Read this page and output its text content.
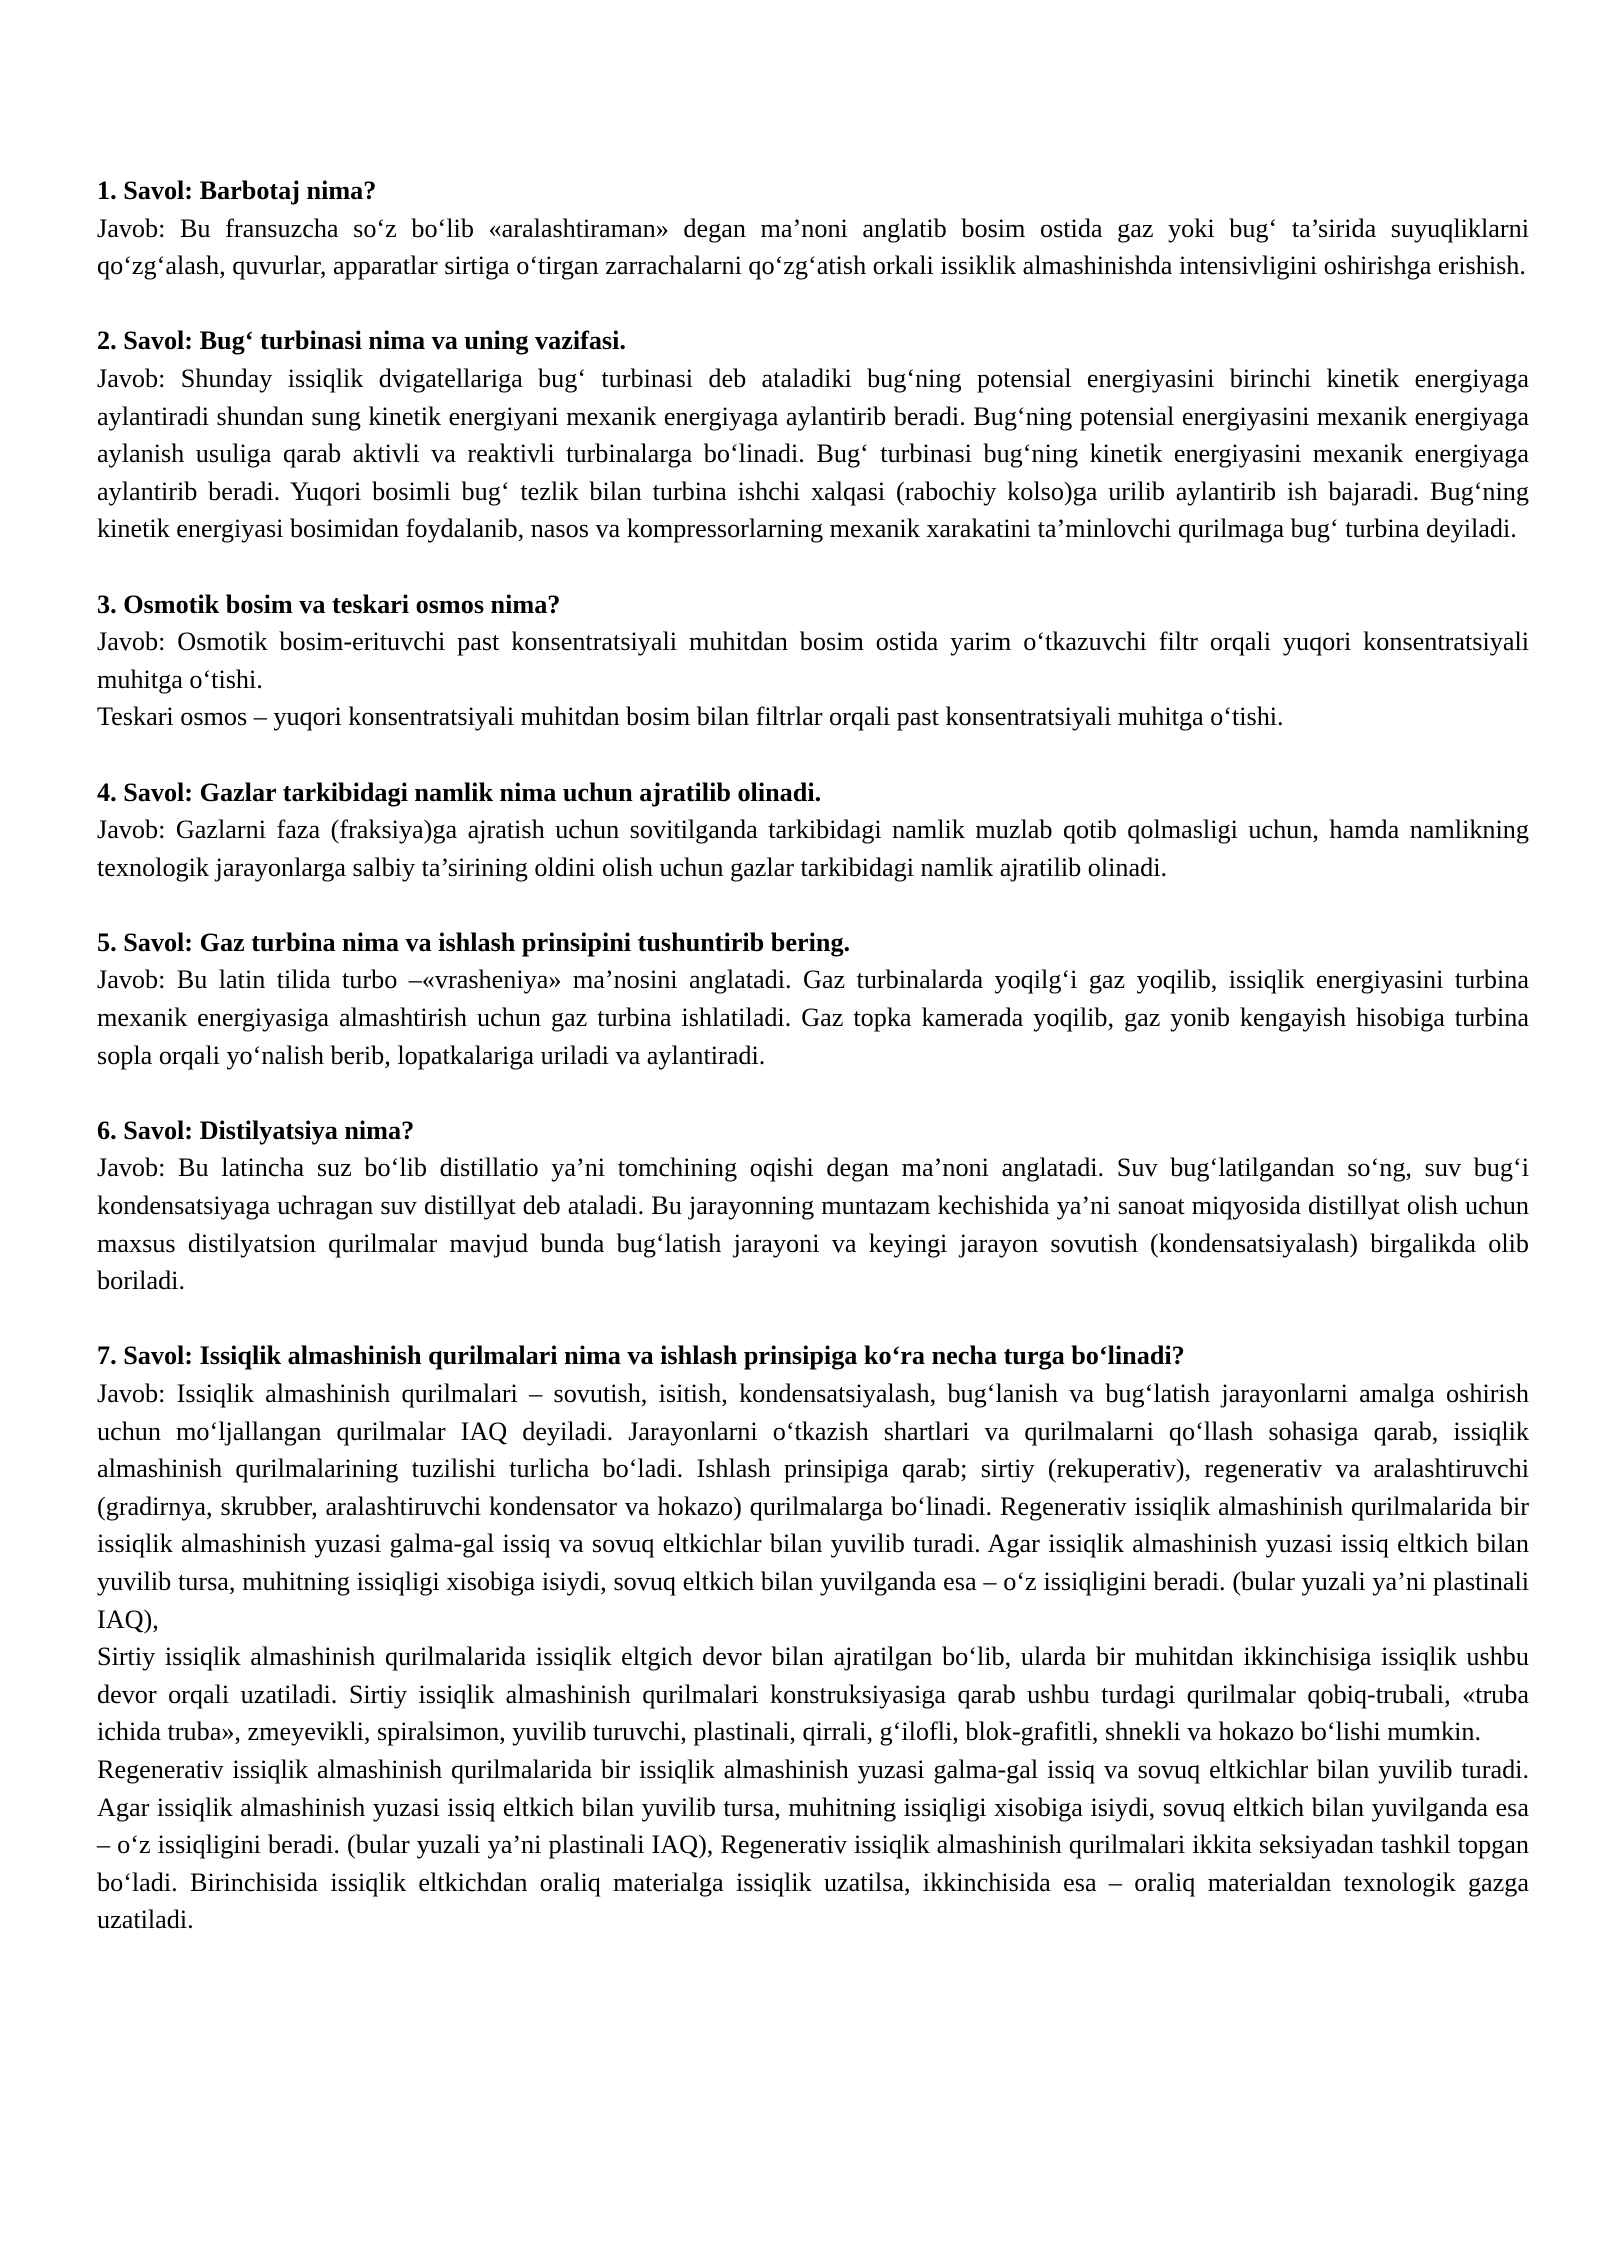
1. Savol: Barbotaj nima?

Javob: Bu fransuzcha so‘z bo‘lib «aralashtiraman» degan ma’noni anglatib bosim ostida gaz yoki bug‘ ta’sirida suyuqliklarni qo‘zg‘alash, quvurlar, apparatlar sirtiga o‘tirgan zarrachalarni qo‘zg‘atish orkali issiklik almashinishda intensivligini oshirishga erishish.

2. Savol: Bug‘ turbinasi nima va uning vazifasi.

Javob: Shunday issiqlik dvigatellariga bug‘ turbinasi deb ataladiki bug‘ning potensial energiyasini birinchi kinetik energiyaga aylantiradi shundan sung kinetik energiyani mexanik energiyaga aylantirib beradi. Bug‘ning potensial energiyasini mexanik energiyaga aylanish usuliga qarab aktivli va reaktivli turbinalarga bo‘linadi. Bug‘ turbinasi bug‘ning kinetik energiyasini mexanik energiyaga aylantirib beradi. Yuqori bosimli bug‘ tezlik bilan turbina ishchi xalqasi (rabochiy kolso)ga urilib aylantirib ish bajaradi. Bug‘ning kinetik energiyasi bosimidan foydalanib, nasos va kompressorlarning mexanik xarakatini ta’minlovchi qurilmaga bug‘ turbina deyiladi.

3. Osmotik bosim va teskari osmos nima?

Javob: Osmotik bosim-erituvchi past konsentratsiyali muhitdan bosim ostida yarim o‘tkazuvchi filtr orqali yuqori konsentratsiyali muhitga o‘tishi.

Teskari osmos – yuqori konsentratsiyali muhitdan bosim bilan filtrlar orqali past konsentratsiyali muhitga o‘tishi.

4. Savol: Gazlar tarkibidagi namlik nima uchun ajratilib olinadi.

Javob: Gazlarni faza (fraksiya)ga ajratish uchun sovitilganda tarkibidagi namlik muzlab qotib qolmasligi uchun, hamda namlikning texnologik jarayonlarga salbiy ta’sirining oldini olish uchun gazlar tarkibidagi namlik ajratilib olinadi.

5. Savol: Gaz turbina nima va ishlash prinsipini tushuntirib bering.

Javob: Bu latin tilida turbo –«vrasheniya» ma’nosini anglatadi. Gaz turbinalarda yoqilg‘i gaz yoqilib, issiqlik energiyasini turbina mexanik energiyasiga almashtirish uchun gaz turbina ishlatiladi. Gaz topka kamerada yoqilib, gaz yonib kengayish hisobiga turbina sopla orqali yo‘nalish berib, lopatkalariga uriladi va aylantiradi.

6. Savol: Distilyatsiya nima?

Javob: Bu latincha suz bo‘lib distillatio ya’ni tomchining oqishi degan ma’noni anglatadi. Suv bug‘latilgandan so‘ng, suv bug‘i kondensatsiyaga uchragan suv distillyat deb ataladi. Bu jarayonning muntazam kechishida ya’ni sanoat miqyosida distillyat olish uchun maxsus distilyatsion qurilmalar mavjud bunda bug‘latish jarayoni va keyingi jarayon sovutish (kondensatsiyalash) birgalikda olib boriladi.

7. Savol: Issiqlik almashinish qurilmalari nima va ishlash prinsipiga ko‘ra necha turga bo‘linadi?

Javob: Issiqlik almashinish qurilmalari – sovutish, isitish, kondensatsiyalash, bug‘lanish va bug‘latish jarayonlarni amalga oshirish uchun mo‘ljallangan qurilmalar IAQ deyiladi. Jarayonlarni o‘tkazish shartlari va qurilmalarni qo‘llash sohasiga qarab, issiqlik almashinish qurilmalarining tuzilishi turlicha bo‘ladi. Ishlash prinsipiga qarab; sirtiy (rekuperativ), regenerativ va aralashtiruvchi (gradirnya, skrubber, aralashtiruvchi kondensator va hokazo) qurilmalarga bo‘linadi. Regenerativ issiqlik almashinish qurilmalarida bir issiqlik almashinish yuzasi galma-gal issiq va sovuq eltkichlar bilan yuvilib turadi. Agar issiqlik almashinish yuzasi issiq eltkich bilan yuvilib tursa, muhitning issiqligi xisobiga isiydi, sovuq eltkich bilan yuvilganda esa – o‘z issiqligini beradi. (bular yuzali ya’ni plastinali IAQ),

Sirtiy issiqlik almashinish qurilmalarida issiqlik eltgich devor bilan ajratilgan bo‘lib, ularda bir muhitdan ikkinchisiga issiqlik ushbu devor orqali uzatiladi. Sirtiy issiqlik almashinish qurilmalari konstruksiyasiga qarab ushbu turdagi qurilmalar qobiq-trubali, «truba ichida truba», zmeyevikli, spiralsimon, yuvilib turuvchi, plastinali, qirrali, g‘ilofli, blok-grafitli, shnekli va hokazo bo‘lishi mumkin.

Regenerativ issiqlik almashinish qurilmalarida bir issiqlik almashinish yuzasi galma-gal issiq va sovuq eltkichlar bilan yuvilib turadi. Agar issiqlik almashinish yuzasi issiq eltkich bilan yuvilib tursa, muhitning issiqligi xisobiga isiydi, sovuq eltkich bilan yuvilganda esa – o‘z issiqligini beradi. (bular yuzali ya’ni plastinali IAQ), Regenerativ issiqlik almashinish qurilmalari ikkita seksiyadan tashkil topgan bo‘ladi. Birinchisida issiqlik eltkichdan oraliq materialga issiqlik uzatilsa, ikkinchisida esa – oraliq materialdan texnologik gazga uzatiladi.
